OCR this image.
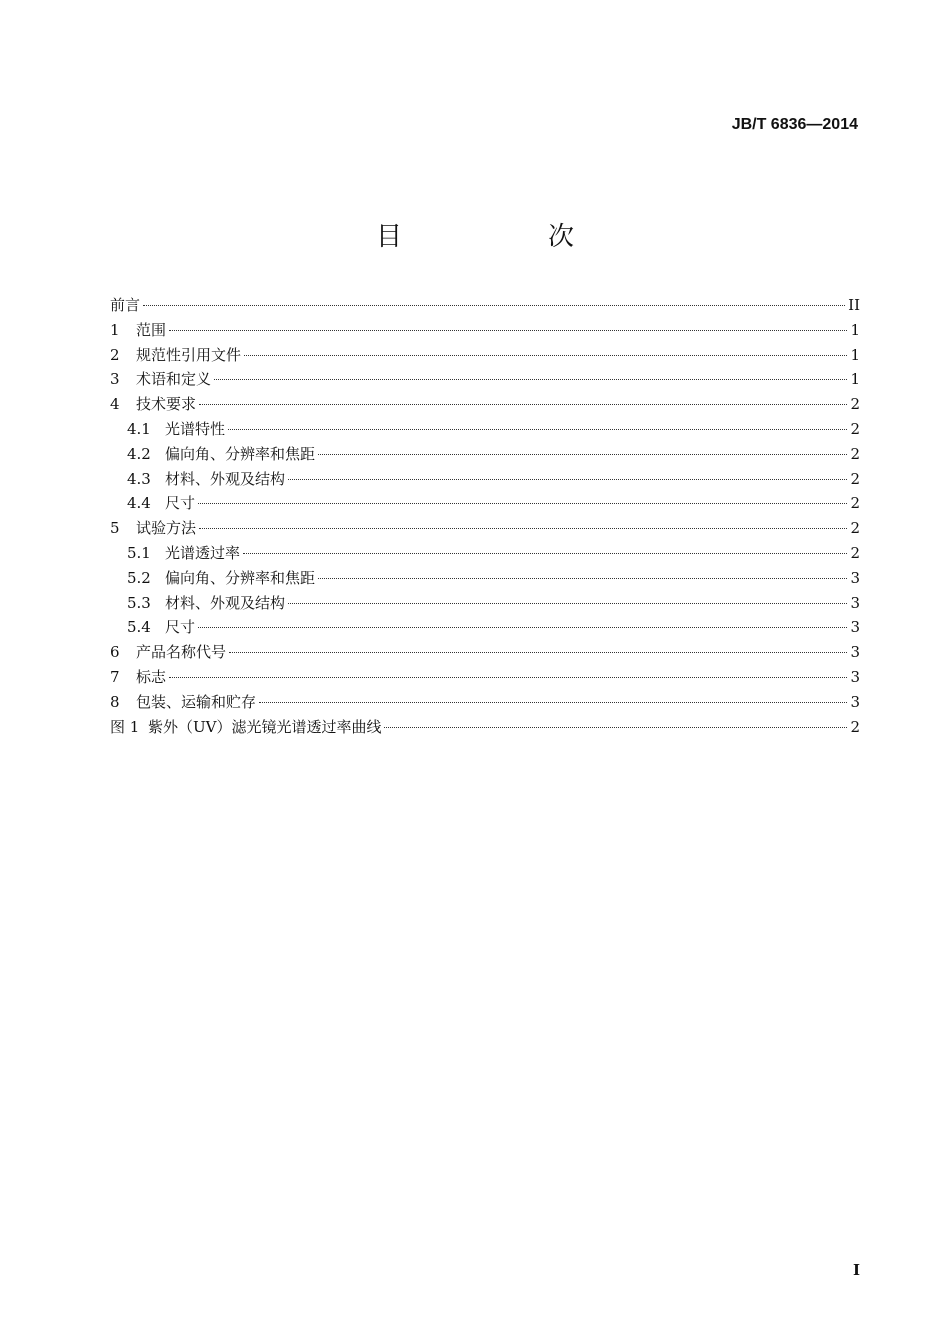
JB/T 6836—2014
目　次
前言	II
1	范围	1
2	规范性引用文件	1
3	术语和定义	1
4	技术要求	2
4.1 光谱特性	2
4.2 偏向角、分辨率和焦距	2
4.3 材料、外观及结构	2
4.4 尺寸	2
5	试验方法	2
5.1 光谱透过率	2
5.2 偏向角、分辨率和焦距	3
5.3 材料、外观及结构	3
5.4 尺寸	3
6	产品名称代号	3
7	标志	3
8	包装、运输和贮存	3
图 1 紫外（UV）滤光镜光谱透过率曲线	2
I
